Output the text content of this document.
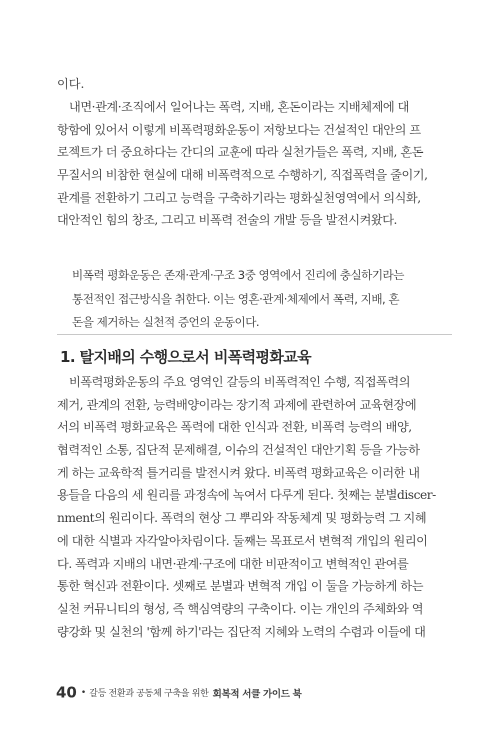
이다.
내면·관계·조직에서 일어나는 폭력, 지배, 혼돈이라는 지배체제에 대
항함에 있어서 이렇게 비폭력평화운동이 저항보다는 건설적인 대안의 프
로젝트가 더 중요하다는 간디의 교훈에 따라 실천가들은 폭력, 지배, 혼돈
무질서의 비참한 현실에 대해 비폭력적으로 수행하기, 직접폭력을 줄이기,
관계를 전환하기 그리고 능력을 구축하기라는 평화실천영역에서 의식화,
대안적인 힘의 창조, 그리고 비폭력 전술의 개발 등을 발전시켜왔다.
비폭력 평화운동은 존재·관계·구조 3중 영역에서 진리에 충실하기라는
통전적인 접근방식을 취한다. 이는 영혼·관계·체제에서 폭력, 지배, 혼
돈을 제거하는 실천적 증언의 운동이다.
1. 탈지배의 수행으로서 비폭력평화교육
비폭력평화운동의 주요 영역인 갈등의 비폭력적인 수행, 직접폭력의
제거, 관계의 전환, 능력배양이라는 장기적 과제에 관련하여 교육현장에
서의 비폭력 평화교육은 폭력에 대한 인식과 전환, 비폭력 능력의 배양,
협력적인 소통, 집단적 문제해결, 이슈의 건설적인 대안기획 등을 가능하
게 하는 교육학적 틀거리를 발전시켜 왔다. 비폭력 평화교육은 이러한 내
용들을 다음의 세 원리를 과정속에 녹여서 다루게 된다. 첫째는 분별discer-
nment의 원리이다. 폭력의 현상 그 뿌리와 작동체계 및 평화능력 그 지혜
에 대한 식별과 자각알아차림이다. 둘째는 목표로서 변혁적 개입의 원리이
다. 폭력과 지배의 내면·관계·구조에 대한 비판적이고 변혁적인 관여를
통한 혁신과 전환이다. 셋째로 분별과 변혁적 개입 이 둘을 가능하게 하는
실천 커뮤니티의 형성, 즉 핵심역량의 구축이다. 이는 개인의 주체화와 역
량강화 및 실천의 '함께 하기'라는 집단적 지혜와 노력의 수렴과 이들에 대
40 • 갈등 전환과 공동체 구축을 위한 회복적 서클 가이드 북
